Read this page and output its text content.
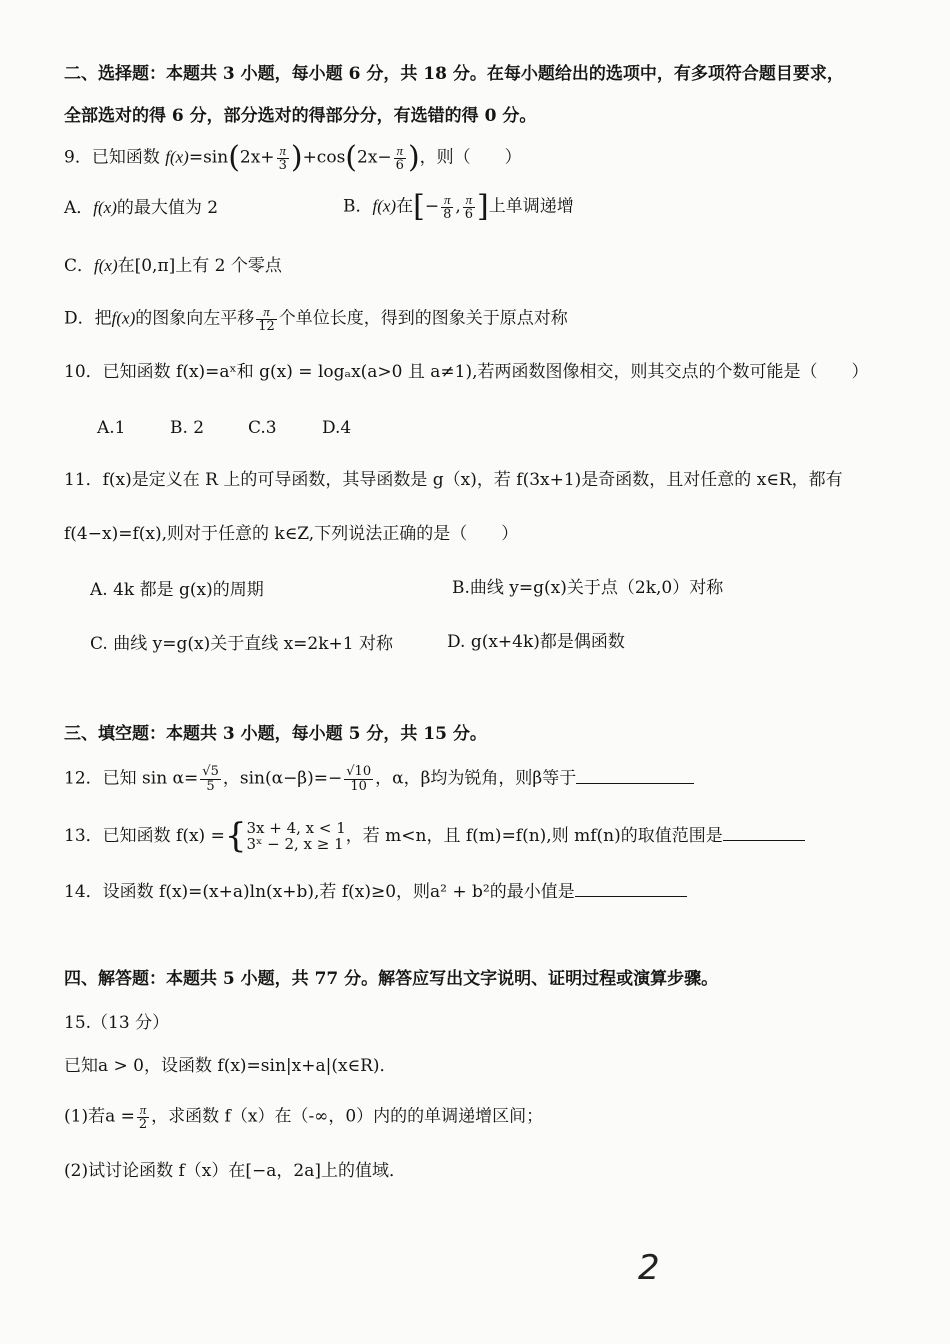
二、选择题：本题共 3 小题，每小题 6 分，共 18 分。在每小题给出的选项中，有多项符合题目要求，
全部选对的得 6 分，部分选对的得部分分，有选错的得 0 分。
9．已知函数 $f(x)=\sin(2x+ \frac{\pi}{3} )+\cos(2x- \frac{\pi}{6}$ )，则（　　）
A．f(x)的最大值为 2	B．f(x)在[− $\frac{\pi}{8}$ , $\frac{\pi}{6}$ ]上单调递增
C．f(x)在[0,π]上有 2 个零点
D．把f(x)的图象向左平移 $\frac{\pi}{12}$ 个单位长度，得到的图象关于原点对称
10．已知函数 f(x)=aˣ和 g(x) = logₐx(a>0 且 a≠1),若两函数图像相交，则其交点的个数可能是（　　）
A.1	B. 2	C.3	D.4
11．f(x)是定义在 R 上的可导函数，其导函数是 g（x)，若 f(3x+1)是奇函数，且对任意的 x∈R，都有
f(4−x)=f(x),则对于任意的 k∈Z,下列说法正确的是（　　）
A. 4k 都是 g(x)的周期	B.曲线 y=g(x)关于点（2k,0）对称
C. 曲线 y=g(x)关于直线 x=2k+1 对称	D. g(x+4k)都是偶函数
三、填空题：本题共 3 小题，每小题 5 分，共 15 分。
12．已知 $\sin \alpha= \frac{√5}{5}$ ，$\sin(\alpha-\beta)=- \frac{√10}{10}$ ，α，β均为锐角，则β等于
13．已知函数 f(x) ={ 3x + 4, x < 1
3ˣ − 2, x ≥ 1 ，若 m<n，且 f(m)=f(n),则 mf(n)的取值范围是
14．设函数 f(x)=(x+a)ln(x+b),若 f(x)≥0，则a² + b²的最小值是
四、解答题：本题共 5 小题，共 77 分。解答应写出文字说明、证明过程或演算步骤。
15.（13 分）
已知a > 0，设函数 f(x)=sin|x+a|(x∈R)．
(1)若$a = \frac{\pi}{2}$ ，求函数 f（x）在（-∞，0）内的的单调递增区间；
(2)试讨论函数 f（x）在[−a，2a]上的值域．
2
